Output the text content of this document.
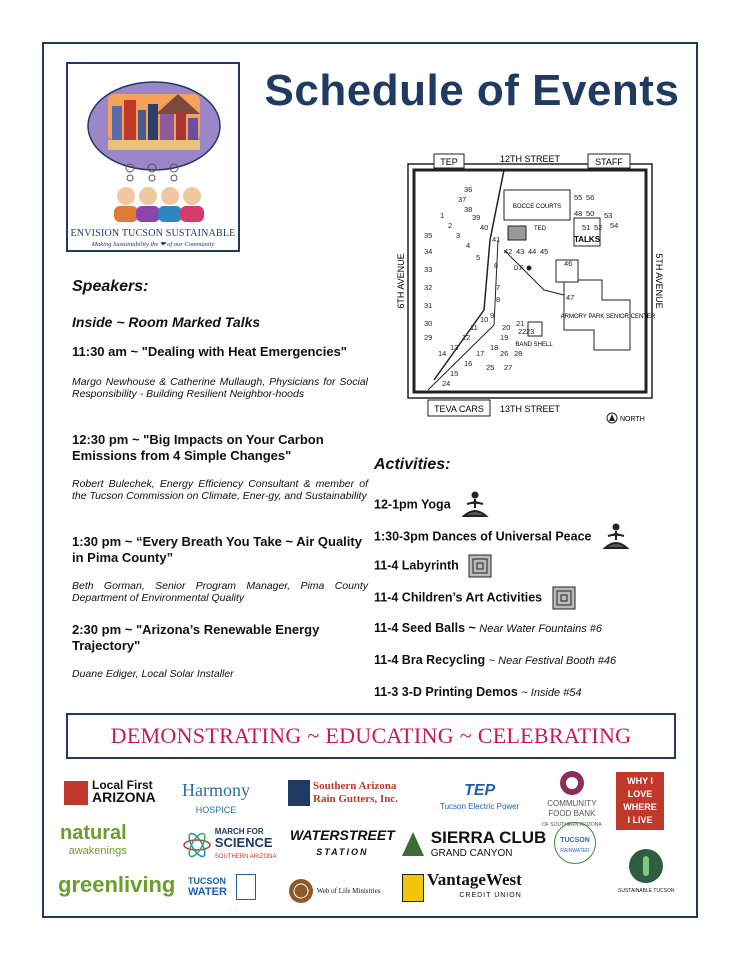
ENVISION TUCSON SUSTAINABLE
Making Sustainability the ❤ of our Community
Schedule of Events
TEP	12TH STREET	STAFF
TEVA CARS 13TH STREET
NORTH
6TH AVENUE	5TH AVENUE
BOCCE COURTS
TED
D.F.
BAND SHELL
TALKS
ARMORY PARK SENIOR CENTER
36
37
38
39
40
41
1
2
3
4
5
6
7
8
9
10
11
12
13
14
15
16
17
18
19
20 21
22 23
24
25
26
27
28
29
30
31
32
33
34
35
42 43 44 45
46
47
48 50
51 52
53
54
55 56
Speakers:
Inside ~ Room Marked Talks
11:30 am ~ "Dealing with Heat Emergencies"
Margo Newhouse & Catherine Mullaugh, Physicians for Social Responsibility - Building Resilient Neighbor-hoods
12:30 pm ~ "Big Impacts on Your Carbon Emissions from 4 Simple Changes"
Robert Bulechek, Energy Efficiency Consultant & member of the Tucson Commission on Climate, Ener-gy, and Sustainability
1:30 pm ~ “Every Breath You Take ~ Air Quality in Pima County”
Beth Gorman, Senior Program Manager, Pima County Department of Environmental Quality
2:30 pm ~ "Arizona’s Renewable Energy Trajectory"
Duane Ediger, Local Solar Installer
Activities:
12-1pm Yoga
1:30-3pm Dances of Universal Peace
11-4 Labyrinth
11-4 Children’s Art Activities
11-4 Seed Balls ~ Near Water Fountains #6
11-4 Bra Recycling ~ Near Festival Booth #46
11-3 3-D Printing Demos ~ Inside #54
DEMONSTRATING ~ EDUCATING ~ CELEBRATING
Local First
ARIZONA Harmony
HOSPICE
Southern Arizona
Rain Gutters, Inc.	TEP
Tucson Electric Power	COMMUNITY
FOOD BANK
OF SOUTHERN ARIZONA
WHY I
LOVE
WHERE
I LIVE
natural
awakenings
MARCH FOR
SCIENCE
SOUTHERN ARIZONA
WATERSTREET
STATION
SIERRA CLUB
GRAND CANYON
TUCSON
RAINWATER

SUSTAINABLE TUCSON
greenliving TUCSON
WATER	Web of Life Ministries
VantageWest
CREDIT UNION
